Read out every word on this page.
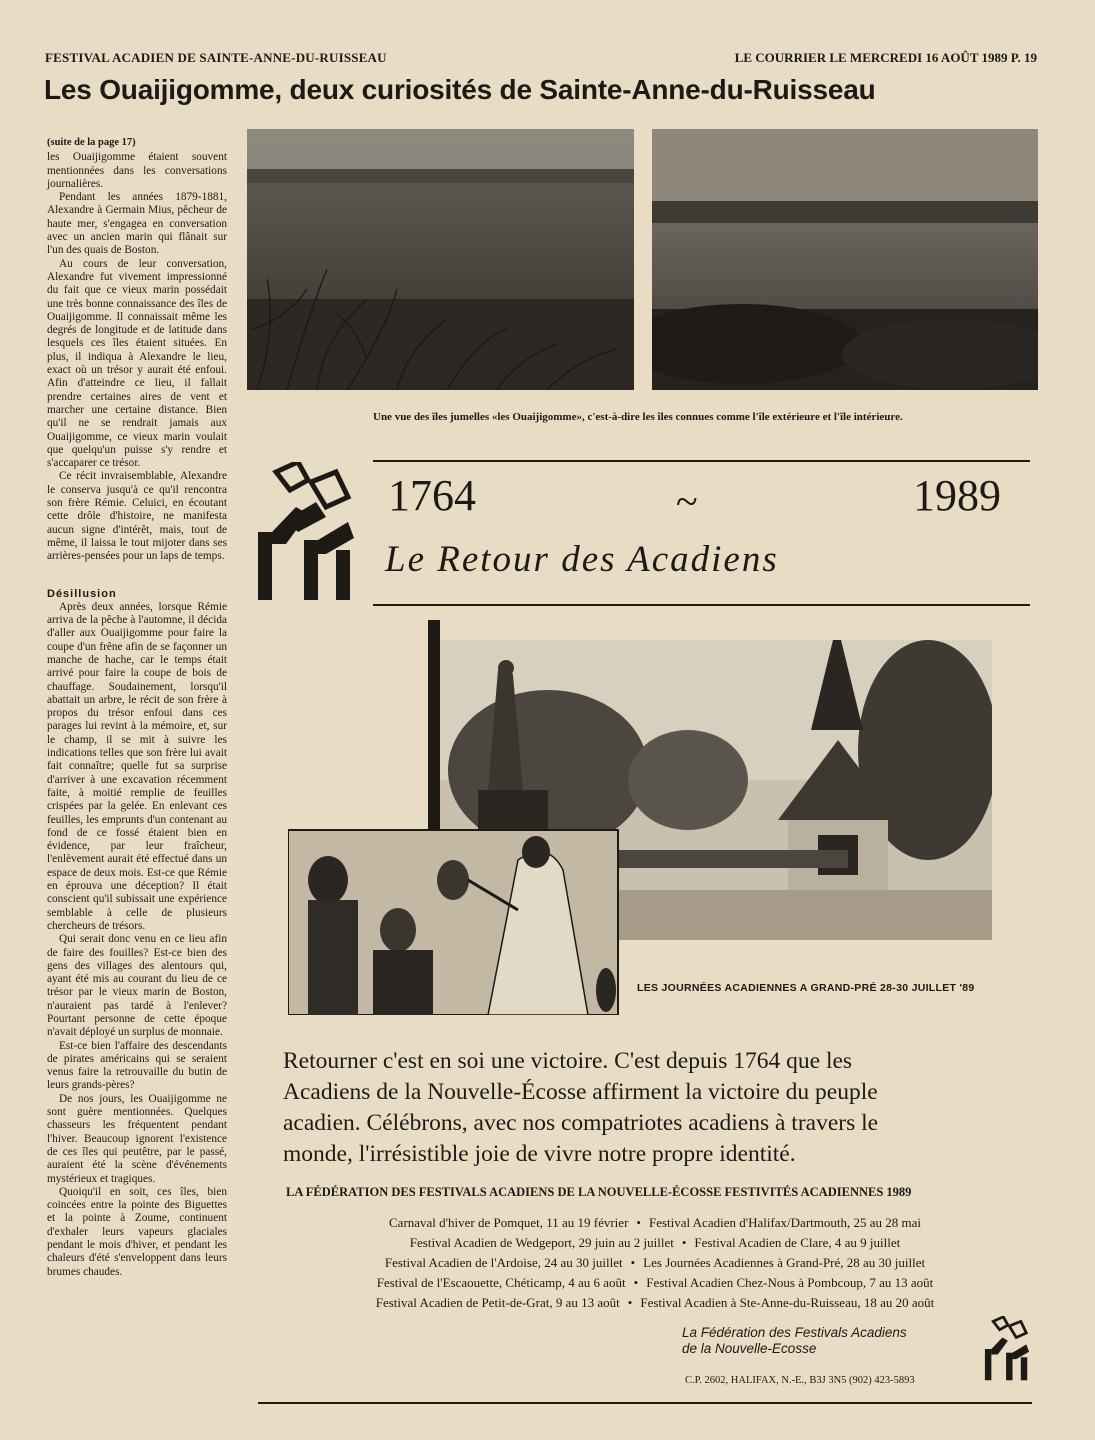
FESTIVAL ACADIEN DE SAINTE-ANNE-DU-RUISSEAU	LE COURRIER LE MERCREDI 16 AOÛT 1989 P. 19
Les Ouaijigomme, deux curiosités de Sainte-Anne-du-Ruisseau

(suite de la page 17)

les Ouaijigomme étaient souvent mentionnées dans les conversations journalières.

Pendant les années 1879-1881, Alexandre à Germain Mius, pêcheur de haute mer, s'engagea en conversation avec un ancien marin qui flânait sur l'un des quais de Boston.

Au cours de leur conversation, Alexandre fut vivement impressionné du fait que ce vieux marin possédait une très bonne connaissance des îles de Ouaijigomme. Il connaissait même les degrés de longitude et de latitude dans lesquels ces îles étaient situées. En plus, il indiqua à Alexandre le lieu, exact où un trésor y aurait été enfoui. Afin d'atteindre ce lieu, il fallait prendre certaines aires de vent et marcher une certaine distance. Bien qu'il ne se rendrait jamais aux Ouaijigomme, ce vieux marin voulait que quelqu'un puisse s'y rendre et s'accaparer ce trésor.

Ce récit invraisemblable, Alexandre le conserva jusqu'à ce qu'il rencontra son frère Rémie. Celuici, en écoutant cette drôle d'histoire, ne manifesta aucun signe d'intérêt, mais, tout de même, il laissa le tout mijoter dans ses arrières-pensées pour un laps de temps.

Désillusion

Après deux années, lorsque Rémie arriva de la pêche à l'automne, il décida d'aller aux Ouaijigomme pour faire la coupe d'un frêne afin de se façonner un manche de hache, car le temps était arrivé pour faire la coupe de bois de chauffage. Soudainement, lorsqu'il abattait un arbre, le récit de son frère à propos du trésor enfoui dans ces parages lui revint à la mémoire, et, sur le champ, il se mit à suivre les indications telles que son frère lui avait fait connaître; quelle fut sa surprise d'arriver à une excavation récemment faite, à moitié remplie de feuilles crispées par la gelée. En enlevant ces feuilles, les emprunts d'un contenant au fond de ce fossé étaient bien en évidence, par leur fraîcheur, l'enlèvement aurait été effectué dans un espace de deux mois. Est-ce que Rémie en éprouva une déception? Il était conscient qu'il subissait une expérience semblable à celle de plusieurs chercheurs de trésors.

Qui serait donc venu en ce lieu afin de faire des fouilles? Est-ce bien des gens des villages des alentours qui, ayant été mis au courant du lieu de ce trésor par le vieux marin de Boston, n'auraient pas tardé à l'enlever? Pourtant personne de cette époque n'avait déployé un surplus de monnaie.

Est-ce bien l'affaire des descendants de pirates américains qui se seraient venus faire la retrouvaille du butin de leurs grands-pères?

De nos jours, les Ouaijigomme ne sont guère mentionnées. Quelques chasseurs les fréquentent pendant l'hiver. Beaucoup ignorent l'existence de ces îles qui peutêtre, par le passé, auraient été la scène d'événements mystérieux et tragiques.

Quoiqu'il en soit, ces îles, bien coincées entre la pointe des Biguettes et la pointe à Zoume, continuent d'exhaler leurs vapeurs glaciales pendant le mois d'hiver, et pendant les chaleurs d'été s'enveloppent dans leurs brumes chaudes.

Une vue des îles jumelles «les Ouaijigomme», c'est-à-dire les îles connues comme l'île extérieure et l'île intérieure.
1764	~	1989
Le Retour des Acadiens
LES JOURNÉES ACADIENNES A GRAND-PRÉ 28-30 JUILLET '89
Retourner c'est en soi une victoire. C'est depuis 1764 que les
Acadiens de la Nouvelle-Écosse affirment la victoire du peuple
acadien. Célébrons, avec nos compatriotes acadiens à travers le
monde, l'irrésistible joie de vivre notre propre identité.
LA FÉDÉRATION DES FESTIVALS ACADIENS DE LA NOUVELLE-ÉCOSSE FESTIVITÉS ACADIENNES 1989
Carnaval d'hiver de Pomquet, 11 au 19 février • Festival Acadien d'Halifax/Dartmouth, 25 au 28 mai
Festival Acadien de Wedgeport, 29 juin au 2 juillet • Festival Acadien de Clare, 4 au 9 juillet
Festival Acadien de l'Ardoise, 24 au 30 juillet • Les Journées Acadiennes à Grand-Pré, 28 au 30 juillet
Festival de l'Escaouette, Chéticamp, 4 au 6 août • Festival Acadien Chez-Nous à Pombcoup, 7 au 13 août
Festival Acadien de Petit-de-Grat, 9 au 13 août • Festival Acadien à Ste-Anne-du-Ruisseau, 18 au 20 août
La Fédération des Festivals Acadiens
de la Nouvelle-Ecosse
C.P. 2602, HALIFAX, N.-E., B3J 3N5 (902) 423-5893
